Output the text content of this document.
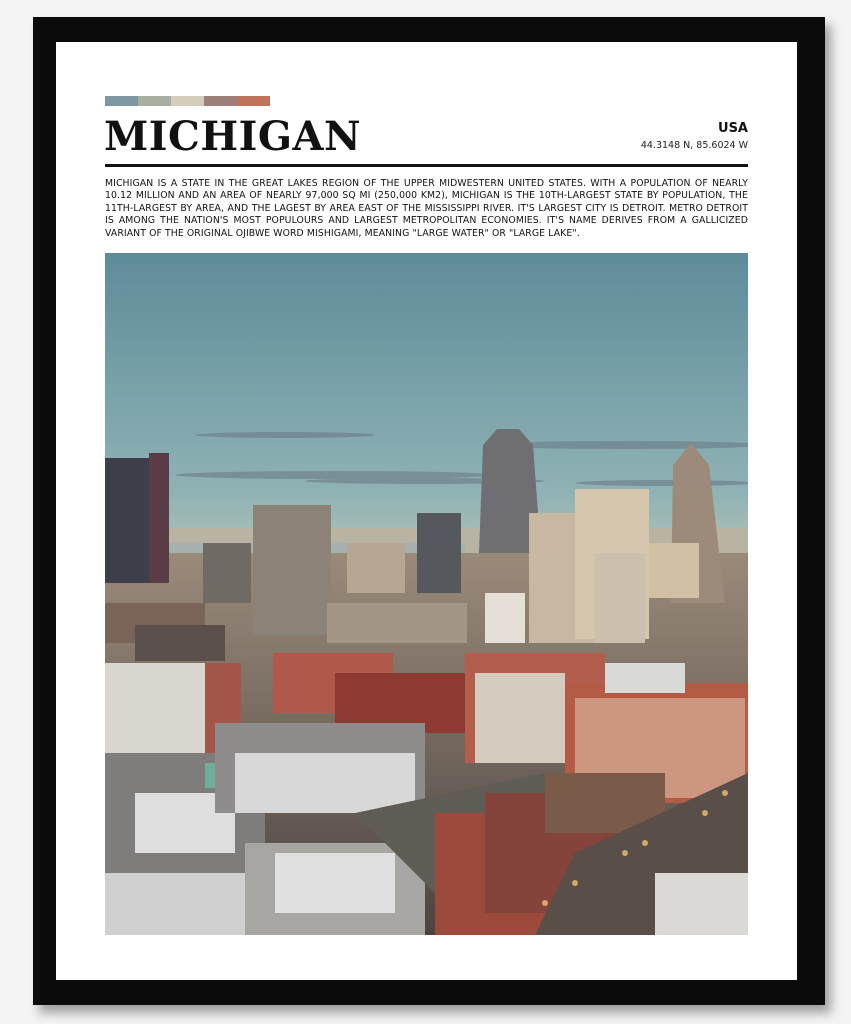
MICHIGAN	USA
44.3148 N, 85.6024 W
MICHIGAN IS A STATE IN THE GREAT LAKES REGION OF THE UPPER MIDWESTERN UNITED STATES. WITH A POPULATION OF NEARLY 10.12 MILLION AND AN AREA OF NEARLY 97,000 SQ MI (250,000 KM2), MICHIGAN IS THE 10TH-LARGEST STATE BY POPULATION, THE 11TH-LARGEST BY AREA, AND THE LAGEST BY AREA EAST OF THE MISSISSIPPI RIVER. IT'S LARGEST CITY IS DETROIT. METRO DETROIT IS AMONG THE NATION'S MOST POPULOURS AND LARGEST METROPOLITAN ECONOMIES. IT'S NAME DERIVES FROM A GALLICIZED VARIANT OF THE ORIGINAL OJIBWE WORD MISHIGAMI, MEANING "LARGE WATER" OR "LARGE LAKE".
